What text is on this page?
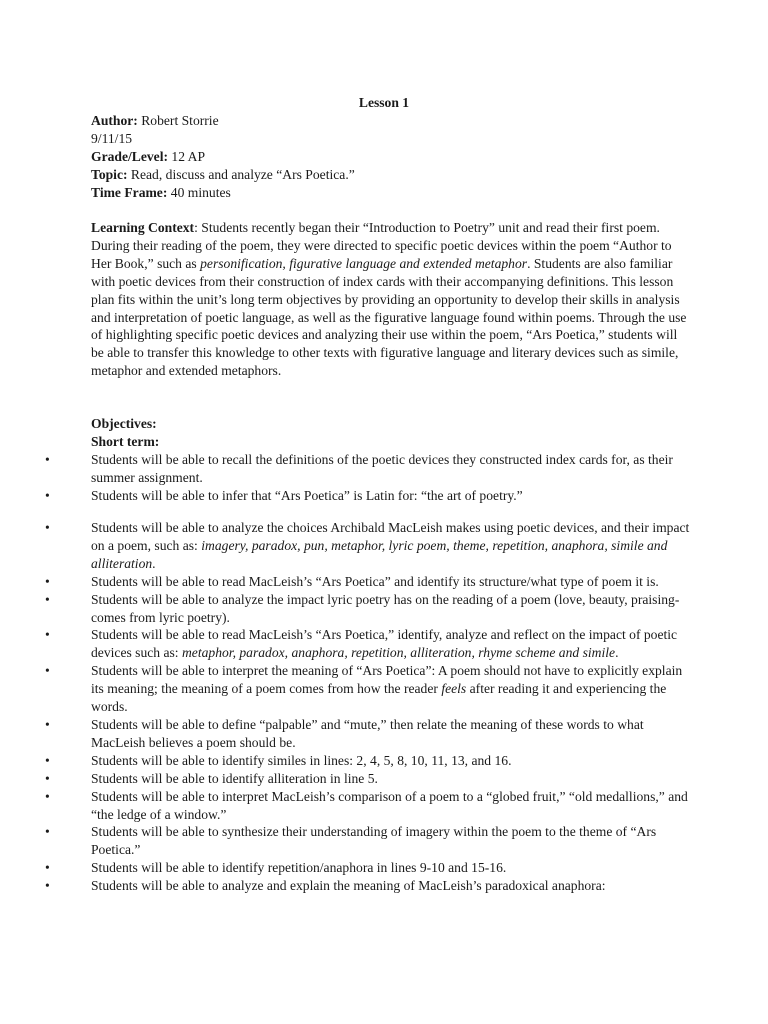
Lesson 1
Author: Robert Storrie
9/11/15
Grade/Level: 12 AP
Topic: Read, discuss and analyze “Ars Poetica.”
Time Frame: 40 minutes
Learning Context: Students recently began their “Introduction to Poetry” unit and read their first poem. During their reading of the poem, they were directed to specific poetic devices within the poem “Author to Her Book,” such as personification, figurative language and extended metaphor. Students are also familiar with poetic devices from their construction of index cards with their accompanying definitions. This lesson plan fits within the unit’s long term objectives by providing an opportunity to develop their skills in analysis and interpretation of poetic language, as well as the figurative language found within poems. Through the use of highlighting specific poetic devices and analyzing their use within the poem, “Ars Poetica,” students will be able to transfer this knowledge to other texts with figurative language and literary devices such as simile, metaphor and extended metaphors.
Objectives:
Short term:
• Students will be able to recall the definitions of the poetic devices they constructed index cards for, as their summer assignment.
• Students will be able to infer that “Ars Poetica” is Latin for: “the art of poetry.”
• Students will be able to analyze the choices Archibald MacLeish makes using poetic devices, and their impact on a poem, such as: imagery, paradox, pun, metaphor, lyric poem, theme, repetition, anaphora, simile and alliteration.
• Students will be able to read MacLeish’s “Ars Poetica” and identify its structure/what type of poem it is.
• Students will be able to analyze the impact lyric poetry has on the reading of a poem (love, beauty, praising- comes from lyric poetry).
• Students will be able to read MacLeish’s “Ars Poetica,” identify, analyze and reflect on the impact of poetic devices such as: metaphor, paradox, anaphora, repetition, alliteration, rhyme scheme and simile.
• Students will be able to interpret the meaning of “Ars Poetica”: A poem should not have to explicitly explain its meaning; the meaning of a poem comes from how the reader feels after reading it and experiencing the words.
• Students will be able to define “palpable” and “mute,” then relate the meaning of these words to what MacLeish believes a poem should be.
• Students will be able to identify similes in lines: 2, 4, 5, 8, 10, 11, 13, and 16.
• Students will be able to identify alliteration in line 5.
• Students will be able to interpret MacLeish’s comparison of a poem to a “globed fruit,” “old medallions,” and “the ledge of a window.”
• Students will be able to synthesize their understanding of imagery within the poem to the theme of “Ars Poetica.”
• Students will be able to identify repetition/anaphora in lines 9-10 and 15-16.
• Students will be able to analyze and explain the meaning of MacLeish’s paradoxical anaphora:
